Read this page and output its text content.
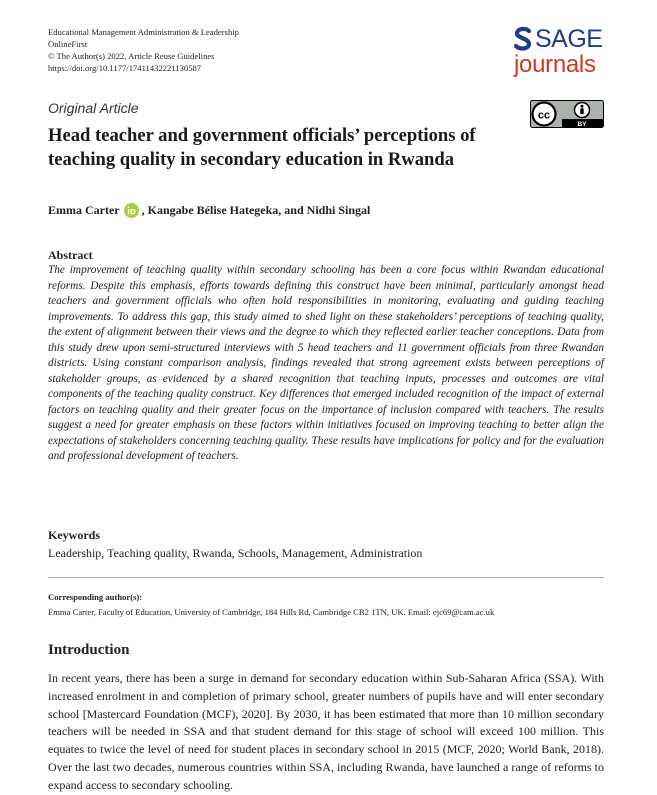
Educational Management Administration & Leadership
OnlineFirst
© The Author(s) 2022, Article Reuse Guidelines
https://doi.org/10.1177/17411432221130587
SAGE
journals
Original Article	cc
BY
Head teacher and government officials’ perceptions of teaching quality in secondary education in Rwanda
Emma Carter , Kangabe Bélise Hategeka, and Nidhi Singal
Abstract
The improvement of teaching quality within secondary schooling has been a core focus within Rwandan educational reforms. Despite this emphasis, efforts towards defining this construct have been minimal, particularly amongst head teachers and government officials who often hold responsibilities in monitoring, evaluating and guiding teaching improvements. To address this gap, this study aimed to shed light on these stakeholders’ perceptions of teaching quality, the extent of alignment between their views and the degree to which they reflected earlier teacher conceptions. Data from this study drew upon semi-structured interviews with 5 head teachers and 11 government officials from three Rwandan districts. Using constant comparison analysis, findings revealed that strong agreement exists between perceptions of stakeholder groups, as evidenced by a shared recognition that teaching inputs, processes and outcomes are vital components of the teaching quality construct. Key differences that emerged included recognition of the impact of external factors on teaching quality and their greater focus on the importance of inclusion compared with teachers. The results suggest a need for greater emphasis on these factors within initiatives focused on improving teaching to better align the expectations of stakeholders concerning teaching quality. These results have implications for policy and for the evaluation and professional development of teachers.
Keywords
Leadership, Teaching quality, Rwanda, Schools, Management, Administration
Corresponding author(s):
Emma Carter, Faculty of Education, University of Cambridge, 184 Hills Rd, Cambridge CB2 1TN, UK. Email: ejc69@cam.ac.uk
Introduction
In recent years, there has been a surge in demand for secondary education within Sub-Saharan Africa (SSA). With increased enrolment in and completion of primary school, greater numbers of pupils have and will enter secondary school [Mastercard Foundation (MCF), 2020]. By 2030, it has been estimated that more than 10 million secondary teachers will be needed in SSA and that student demand for this stage of school will exceed 100 million. This equates to twice the level of need for student places in secondary school in 2015 (MCF, 2020; World Bank, 2018). Over the last two decades, numerous countries within SSA, including Rwanda, have launched a range of reforms to expand access to secondary schooling.
